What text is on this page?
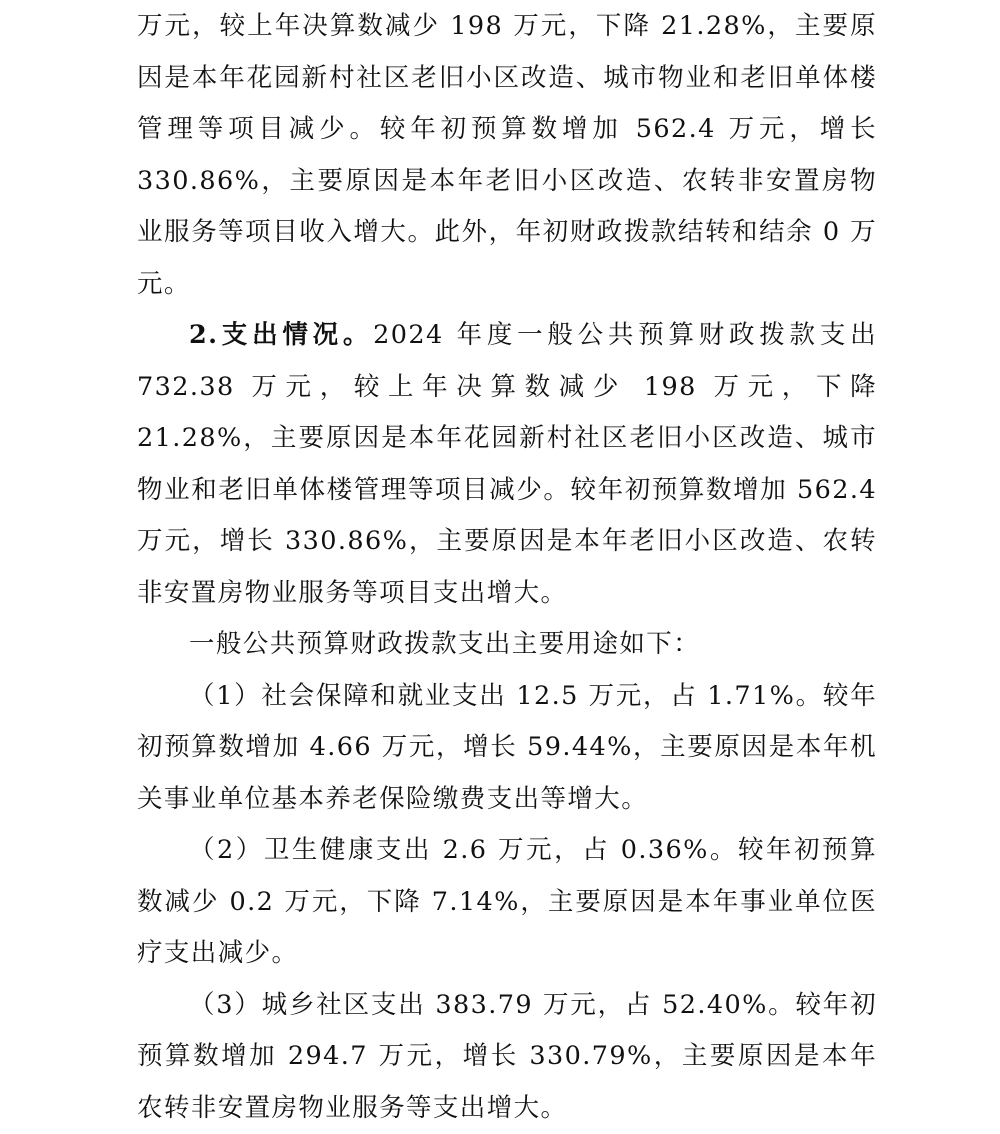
万元，较上年决算数减少 198 万元，下降 21.28%，主要原因是本年花园新村社区老旧小区改造、城市物业和老旧单体楼管理等项目减少。较年初预算数增加 562.4 万元，增长 330.86%，主要原因是本年老旧小区改造、农转非安置房物业服务等项目收入增大。此外，年初财政拨款结转和结余 0 万元。

2.支出情况。2024 年度一般公共预算财政拨款支出 732.38 万元，较上年决算数减少 198 万元，下降 21.28%，主要原因是本年花园新村社区老旧小区改造、城市物业和老旧单体楼管理等项目减少。较年初预算数增加 562.4 万元，增长 330.86%，主要原因是本年老旧小区改造、农转非安置房物业服务等项目支出增大。

一般公共预算财政拨款支出主要用途如下：

（1）社会保障和就业支出 12.5 万元，占 1.71%。较年初预算数增加 4.66 万元，增长 59.44%，主要原因是本年机关事业单位基本养老保险缴费支出等增大。

（2）卫生健康支出 2.6 万元，占 0.36%。较年初预算数减少 0.2 万元，下降 7.14%，主要原因是本年事业单位医疗支出减少。

（3）城乡社区支出 383.79 万元，占 52.40%。较年初预算数增加 294.7 万元，增长 330.79%，主要原因是本年农转非安置房物业服务等支出增大。
